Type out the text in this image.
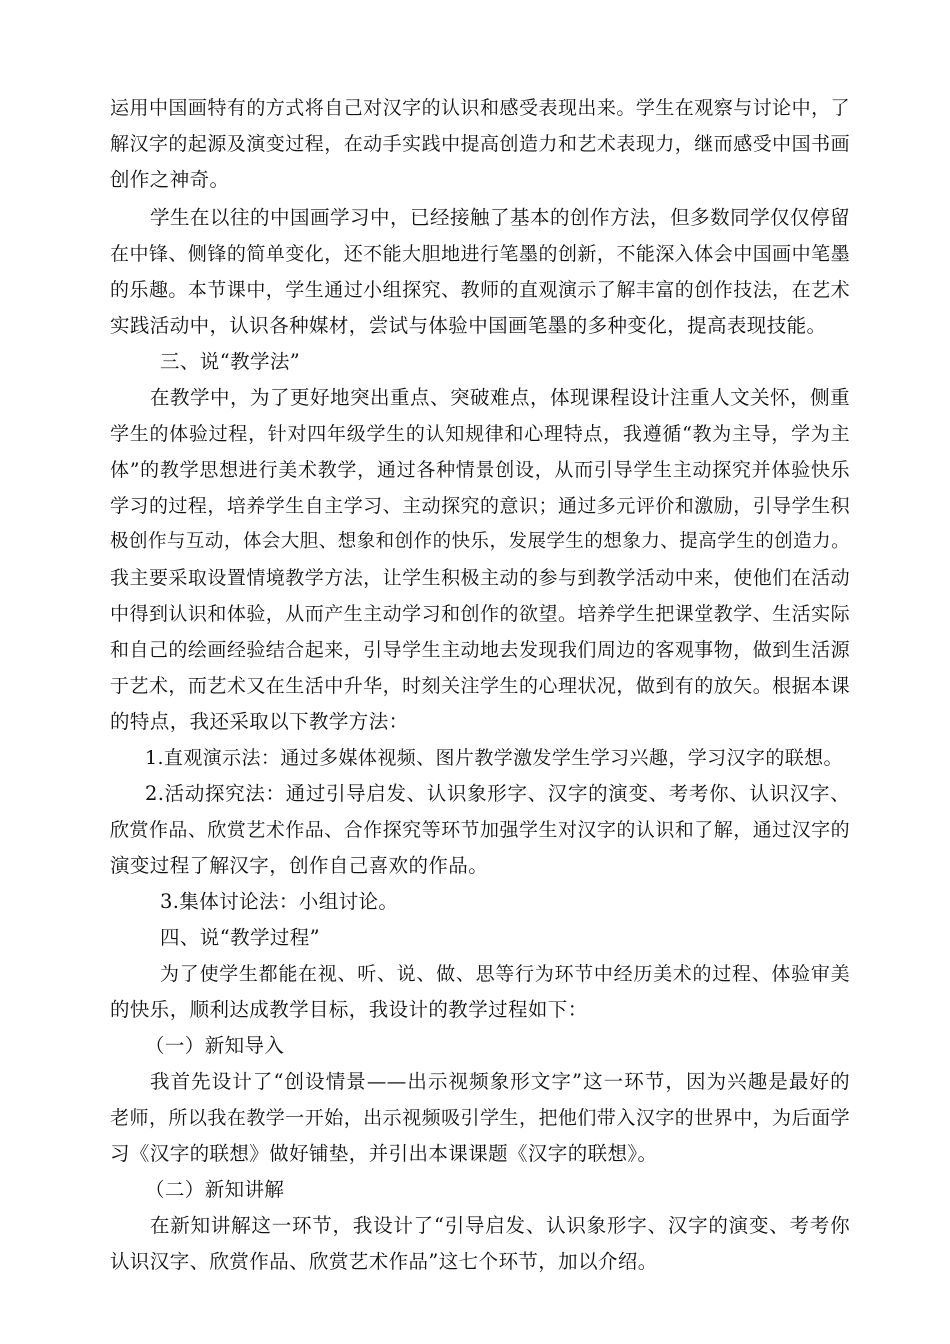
运用中国画特有的方式将自己对汉字的认识和感受表现出来。学生在观察与讨论中，了
解汉字的起源及演变过程，在动手实践中提高创造力和艺术表现力，继而感受中国书画
创作之神奇。
学生在以往的中国画学习中，已经接触了基本的创作方法，但多数同学仅仅停留
在中锋、侧锋的简单变化，还不能大胆地进行笔墨的创新，不能深入体会中国画中笔墨
的乐趣。本节课中，学生通过小组探究、教师的直观演示了解丰富的创作技法，在艺术
实践活动中，认识各种媒材，尝试与体验中国画笔墨的多种变化，提高表现技能。
三、说“教学法”
在教学中，为了更好地突出重点、突破难点，体现课程设计注重人文关怀，侧重
学生的体验过程，针对四年级学生的认知规律和心理特点，我遵循“教为主导，学为主
体”的教学思想进行美术教学，通过各种情景创设，从而引导学生主动探究并体验快乐
学习的过程，培养学生自主学习、主动探究的意识；通过多元评价和激励，引导学生积
极创作与互动，体会大胆、想象和创作的快乐，发展学生的想象力、提高学生的创造力。
我主要采取设置情境教学方法，让学生积极主动的参与到教学活动中来，使他们在活动
中得到认识和体验，从而产生主动学习和创作的欲望。培养学生把课堂教学、生活实际
和自己的绘画经验结合起来，引导学生主动地去发现我们周边的客观事物，做到生活源
于艺术，而艺术又在生活中升华，时刻关注学生的心理状况，做到有的放矢。根据本课
的特点，我还采取以下教学方法：
1.直观演示法：通过多媒体视频、图片教学激发学生学习兴趣，学习汉字的联想。
2.活动探究法：通过引导启发、认识象形字、汉字的演变、考考你、认识汉字、
欣赏作品、欣赏艺术作品、合作探究等环节加强学生对汉字的认识和了解，通过汉字的
演变过程了解汉字，创作自己喜欢的作品。
3.集体讨论法：小组讨论。
四、说“教学过程”
为了使学生都能在视、听、说、做、思等行为环节中经历美术的过程、体验审美
的快乐，顺利达成教学目标，我设计的教学过程如下：
（一）新知导入
我首先设计了“创设情景——出示视频象形文字”这一环节，因为兴趣是最好的
老师，所以我在教学一开始，出示视频吸引学生，把他们带入汉字的世界中，为后面学
习《汉字的联想》做好铺垫，并引出本课课题《汉字的联想》。
（二）新知讲解
在新知讲解这一环节，我设计了“引导启发、认识象形字、汉字的演变、考考你
认识汉字、欣赏作品、欣赏艺术作品”这七个环节，加以介绍。
